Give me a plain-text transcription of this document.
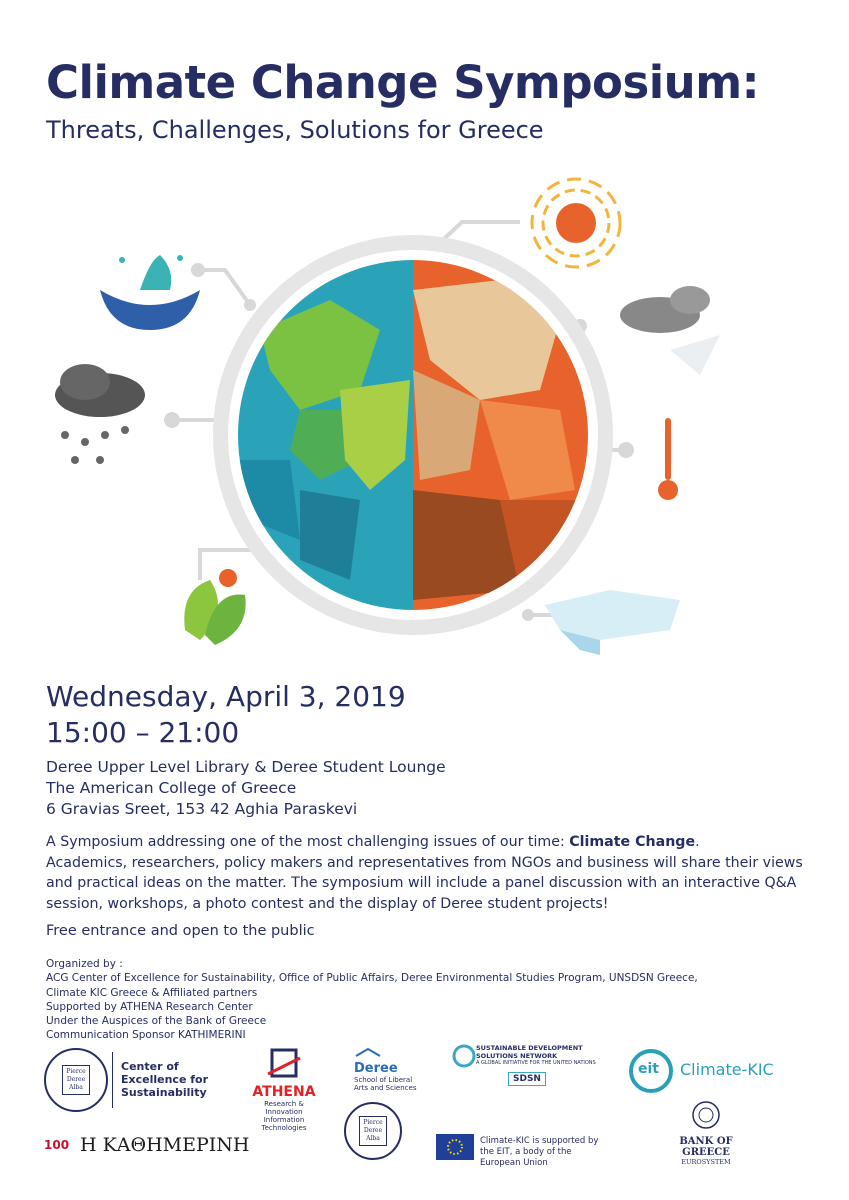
Climate Change Symposium:
Threats, Challenges, Solutions for Greece
Wednesday, April 3, 2019
15:00 – 21:00
Deree Upper Level Library & Deree Student Lounge
The American College of Greece
6 Gravias Sreet, 153 42 Aghia Paraskevi
A Symposium addressing one of the most challenging issues of our time: Climate Change.
Academics, researchers, policy makers and representatives from NGOs and business will share their views and practical ideas on the matter. The symposium will include a panel discussion with an interactive Q&A session, workshops, a photo contest and the display of Deree student projects!
Free entrance and open to the public
Organized by :
ACG Center of Excellence for Sustainability, Office of Public Affairs, Deree Environmental Studies Program, UNSDSN Greece,
Climate KIC Greece & Affiliated partners
Supported by ATHENA Research Center
Under the Auspices of the Bank of Greece
Communication Sponsor KATHIMERINI
Pierce Deree Alba
Center of Excellence for Sustainability	ATHENA
Research & Innovation Information Technologies
Deree
School of Liberal Arts and Sciences
Pierce Deree Alba
SUSTAINABLE DEVELOPMENT SOLUTIONS NETWORK
A GLOBAL INITIATIVE FOR THE UNITED NATIONS
SDSN
eit Climate-KIC
100 Η ΚΑΘΗΜΕΡΙΝΗ	Climate-KIC is supported by the EIT, a body of the European Union
BANK OF GREECE
EUROSYSTEM
